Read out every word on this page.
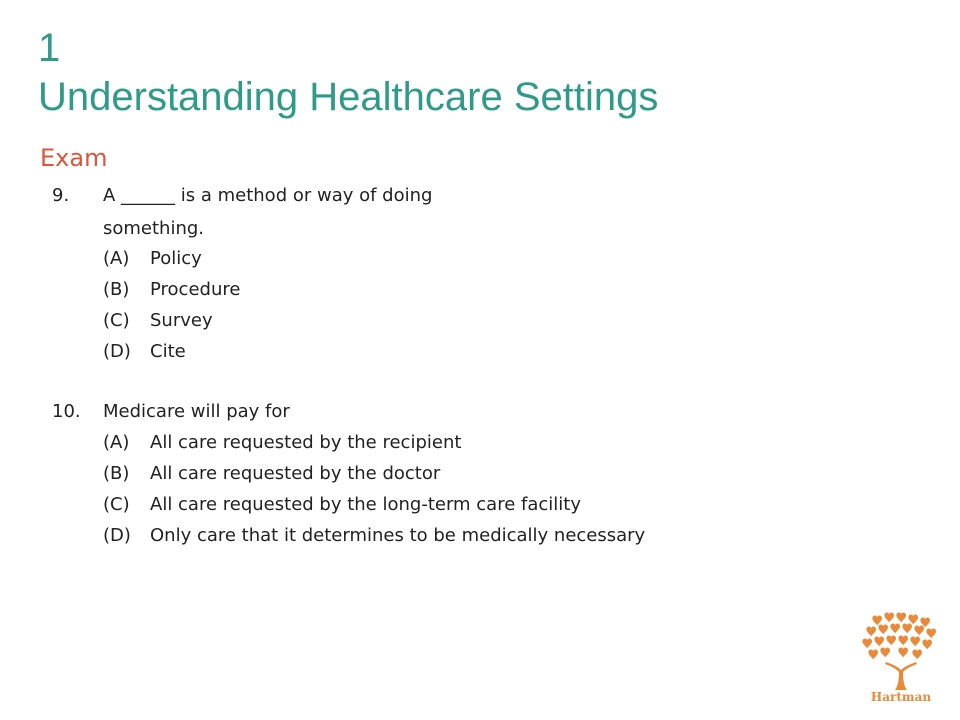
1
Understanding Healthcare Settings
Exam
9. A ______ is a method or way of doing
something.
(A) Policy
(B) Procedure
(C) Survey
(D) Cite
10. Medicare will pay for
(A) All care requested by the recipient
(B) All care requested by the doctor
(C) All care requested by the long-term care facility
(D) Only care that it determines to be medically necessary
Hartman
